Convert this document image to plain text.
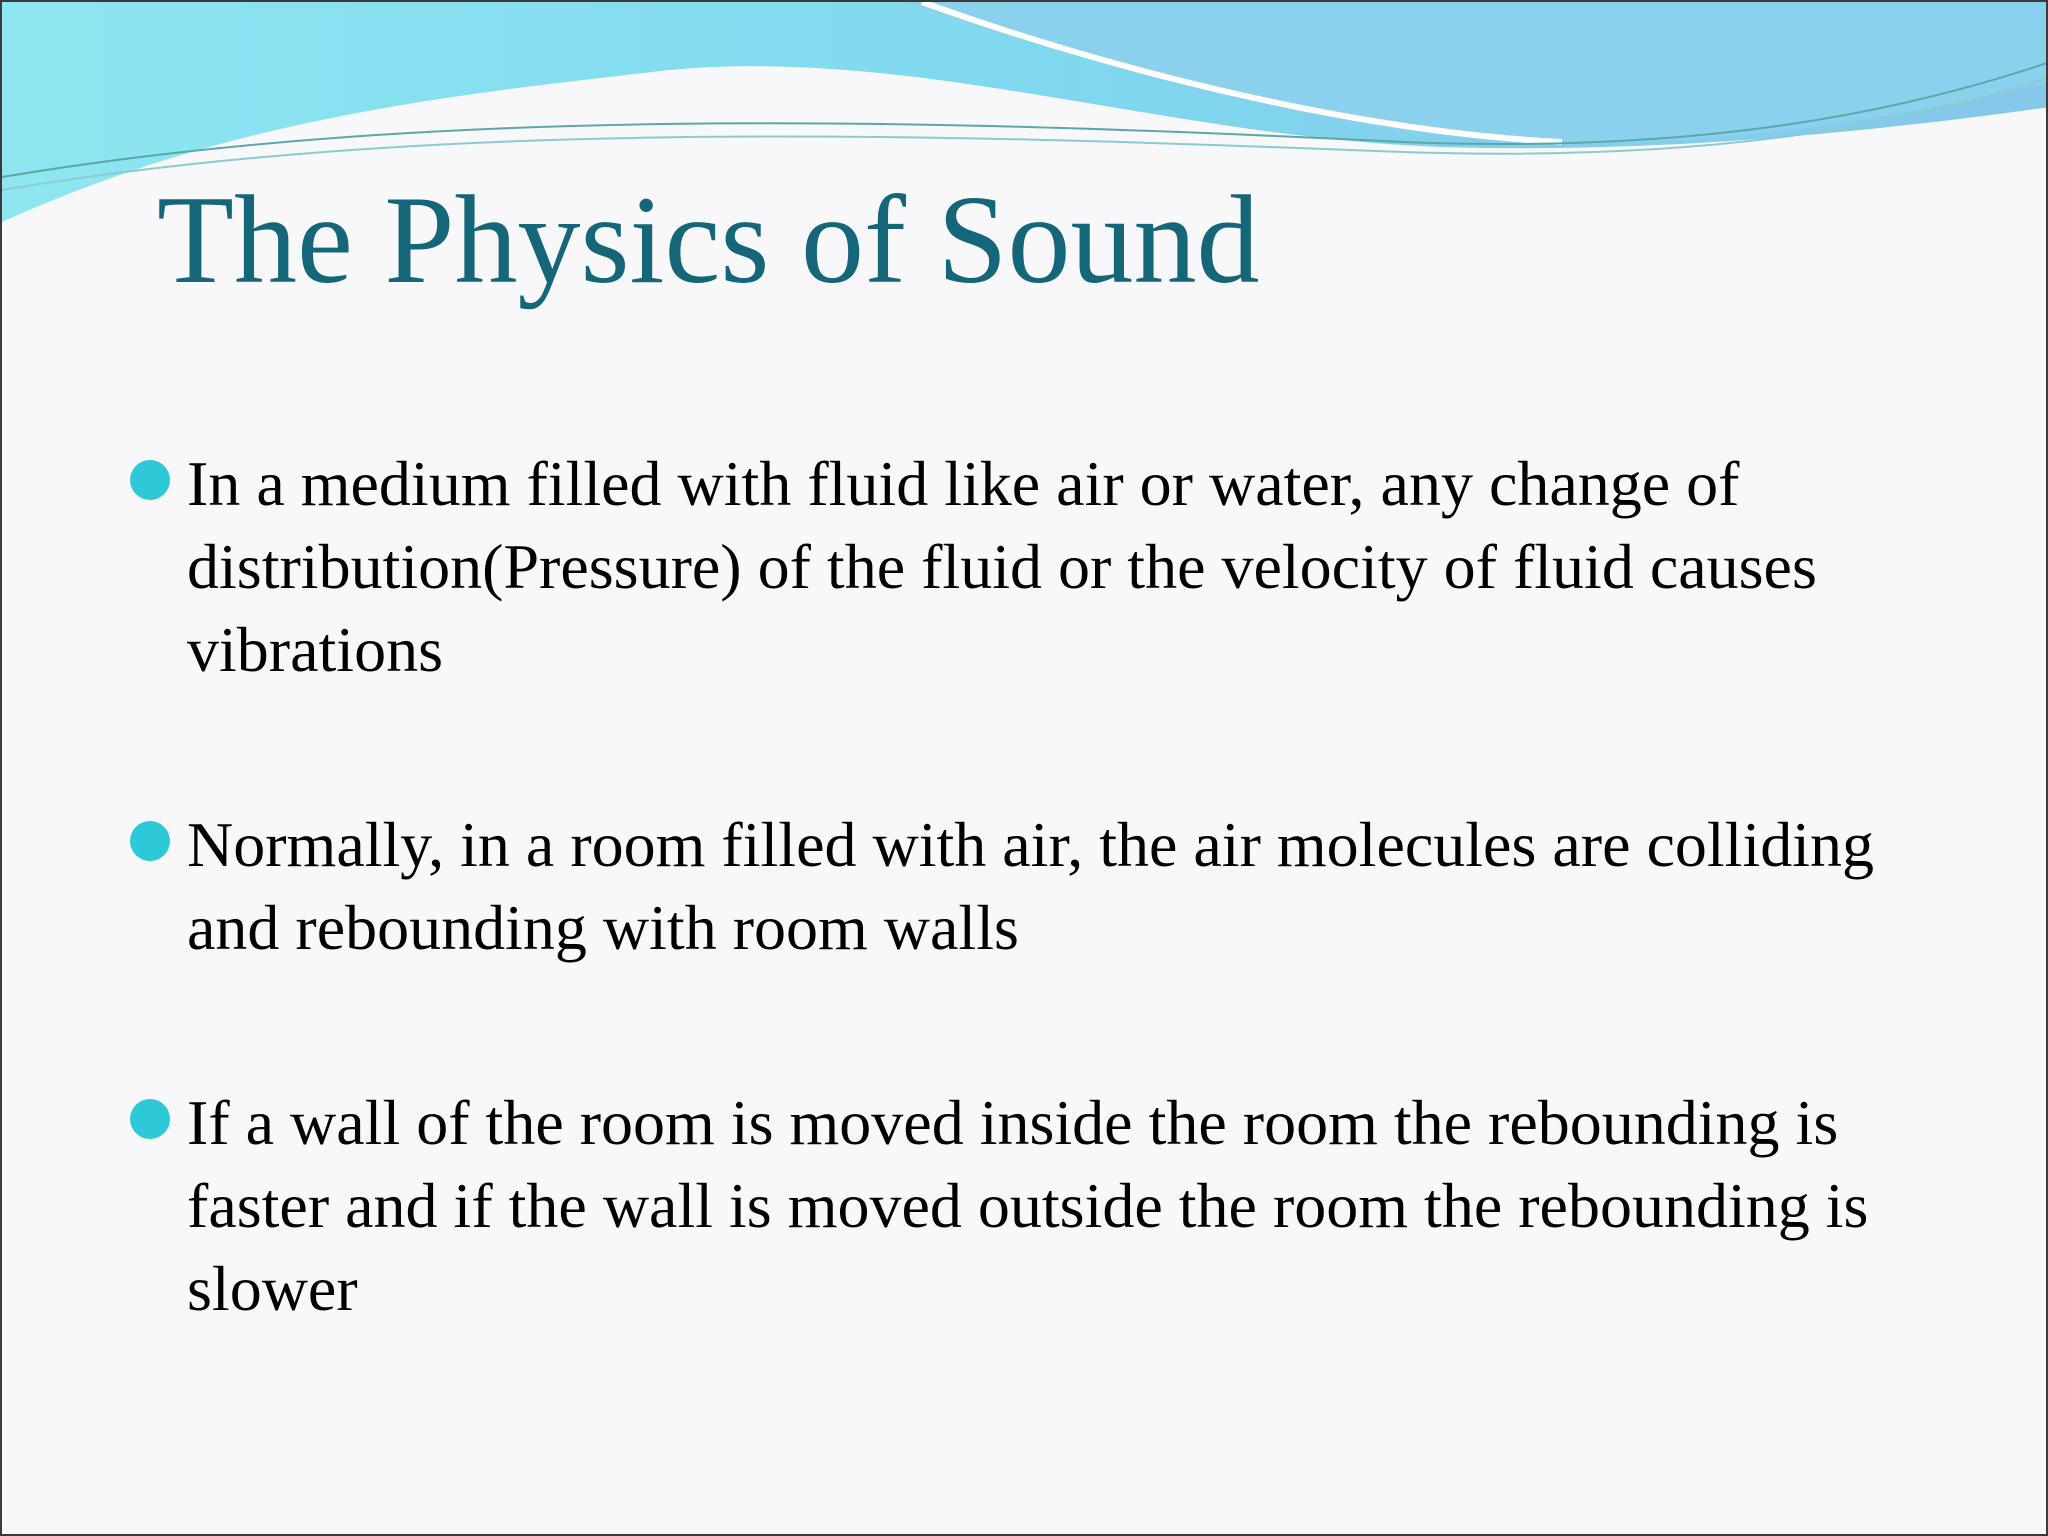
The Physics of Sound
In a medium filled with fluid like air or water, any change of distribution(Pressure) of the fluid or the velocity of fluid causes vibrations
Normally, in a room filled with air, the air molecules are colliding and rebounding with room walls
If a wall of the room is moved inside the room the rebounding is faster and if the wall is moved outside the room the rebounding is slower
